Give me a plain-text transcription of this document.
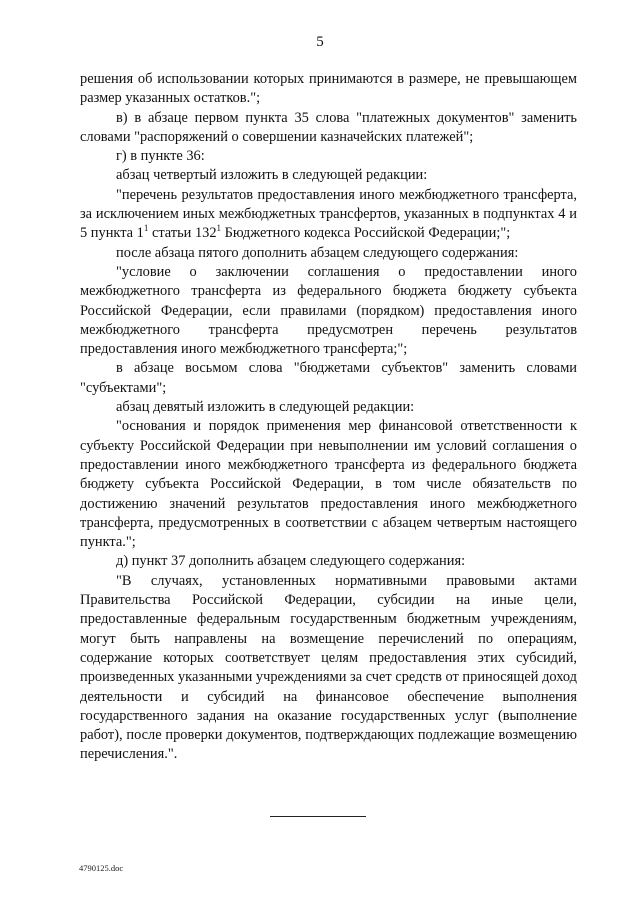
5

решения об использовании которых принимаются в размере, не превышающем размер указанных остатков.";

в) в абзаце первом пункта 35 слова "платежных документов" заменить словами "распоряжений о совершении казначейских платежей";

г) в пункте 36:

абзац четвертый изложить в следующей редакции:

"перечень результатов предоставления иного межбюджетного трансферта, за исключением иных межбюджетных трансфертов, указанных в подпунктах 4 и 5 пункта $1^1$ статьи $132^1$ Бюджетного кодекса Российской Федерации;";

после абзаца пятого дополнить абзацем следующего содержания:

"условие о заключении соглашения о предоставлении иного межбюджетного трансферта из федерального бюджета бюджету субъекта Российской Федерации, если правилами (порядком) предоставления иного межбюджетного трансферта предусмотрен перечень результатов предоставления иного межбюджетного трансферта;";

в абзаце восьмом слова "бюджетами субъектов" заменить словами "субъектами";

абзац девятый изложить в следующей редакции:

"основания и порядок применения мер финансовой ответственности к субъекту Российской Федерации при невыполнении им условий соглашения о предоставлении иного межбюджетного трансферта из федерального бюджета бюджету субъекта Российской Федерации, в том числе обязательств по достижению значений результатов предоставления иного межбюджетного трансферта, предусмотренных в соответствии с абзацем четвертым настоящего пункта.";

д) пункт 37 дополнить абзацем следующего содержания:

"В случаях, установленных нормативными правовыми актами Правительства Российской Федерации, субсидии на иные цели, предоставленные федеральным государственным бюджетным учреждениям, могут быть направлены на возмещение перечислений по операциям, содержание которых соответствует целям предоставления этих субсидий, произведенных указанными учреждениями за счет средств от приносящей доход деятельности и субсидий на финансовое обеспечение выполнения государственного задания на оказание государственных услуг (выполнение работ), после проверки документов, подтверждающих подлежащие возмещению перечисления.".

4790125.doc
